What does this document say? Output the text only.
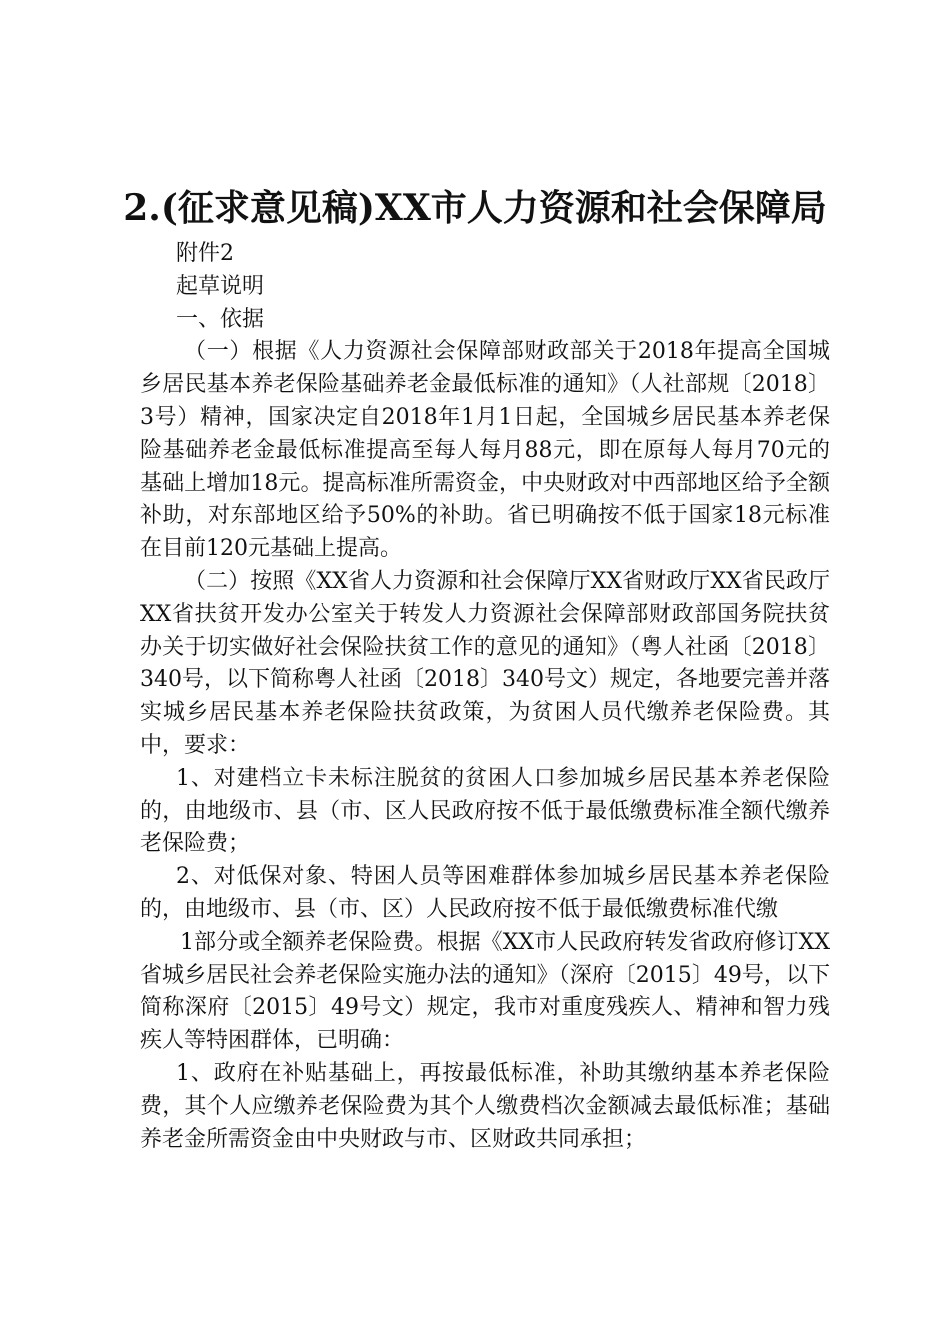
2.(征求意见稿)XX市人力资源和社会保障局

附件2

起草说明

一、依据

（一）根据《人力资源社会保障部财政部关于2018年提高全国城乡居民基本养老保险基础养老金最低标准的通知》（人社部规〔2018〕3号）精神，国家决定自2018年1月1日起，全国城乡居民基本养老保险基础养老金最低标准提高至每人每月88元，即在原每人每月70元的基础上增加18元。提高标准所需资金，中央财政对中西部地区给予全额补助，对东部地区给予50%的补助。省已明确按不低于国家18元标准在目前120元基础上提高。

（二）按照《XX省人力资源和社会保障厅XX省财政厅XX省民政厅XX省扶贫开发办公室关于转发人力资源社会保障部财政部国务院扶贫办关于切实做好社会保险扶贫工作的意见的通知》（粤人社函〔2018〕340号，以下简称粤人社函〔2018〕340号文）规定，各地要完善并落实城乡居民基本养老保险扶贫政策，为贫困人员代缴养老保险费。其中，要求：

1、对建档立卡未标注脱贫的贫困人口参加城乡居民基本养老保险的，由地级市、县（市、区人民政府按不低于最低缴费标准全额代缴养老保险费；

2、对低保对象、特困人员等困难群体参加城乡居民基本养老保险的，由地级市、县（市、区）人民政府按不低于最低缴费标准代缴

1部分或全额养老保险费。根据《XX市人民政府转发省政府修订XX省城乡居民社会养老保险实施办法的通知》（深府〔2015〕49号，以下简称深府〔2015〕49号文）规定，我市对重度残疾人、精神和智力残疾人等特困群体，已明确：

1、政府在补贴基础上，再按最低标准，补助其缴纳基本养老保险费，其个人应缴养老保险费为其个人缴费档次金额减去最低标准；基础养老金所需资金由中央财政与市、区财政共同承担；
